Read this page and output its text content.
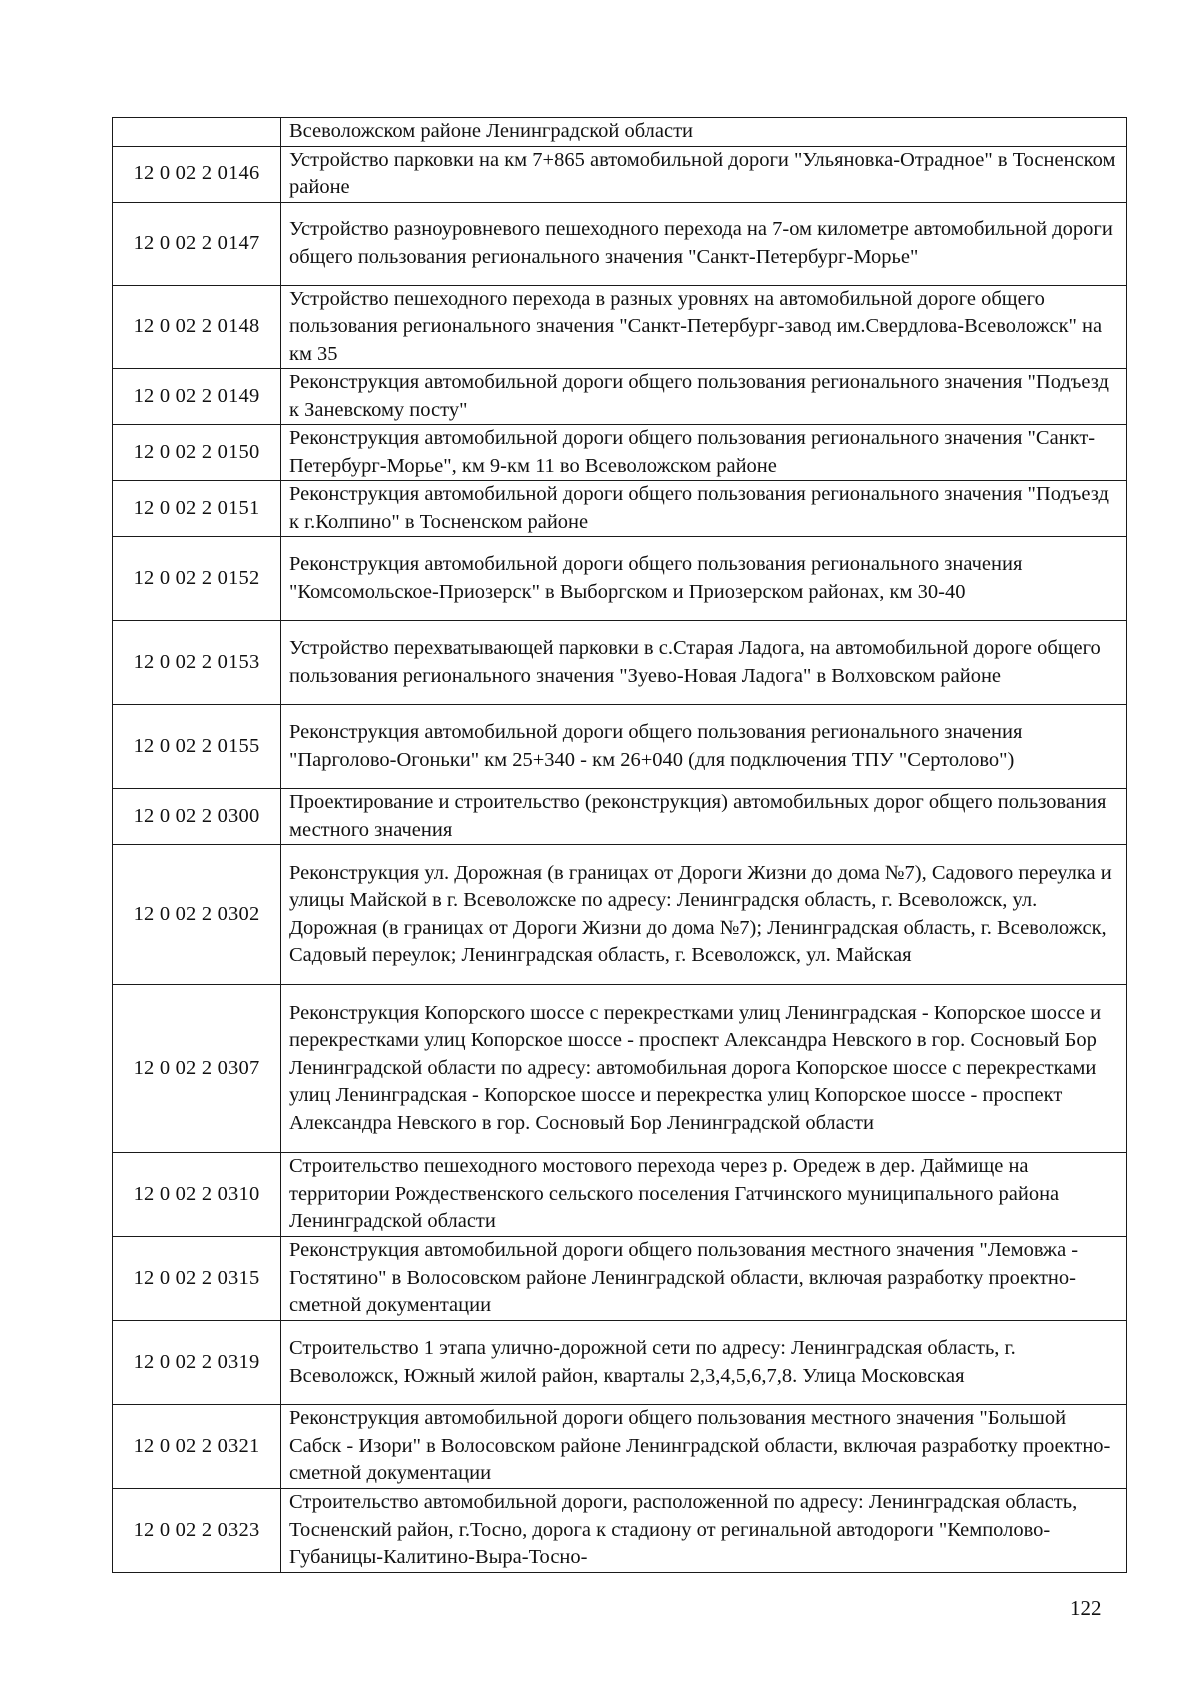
	Всеволожском районе Ленинградской области
12 0 02 2 0146	Устройство парковки на км 7+865 автомобильной дороги "Ульяновка-Отрадное" в Тосненском районе
12 0 02 2 0147	Устройство разноуровневого пешеходного перехода на 7-ом километре автомобильной дороги общего пользования регионального значения "Санкт-Петербург-Морье"
12 0 02 2 0148	Устройство пешеходного перехода в разных уровнях на автомобильной дороге общего пользования регионального значения "Санкт-Петербург-завод им.Свердлова-Всеволожск" на км 35
12 0 02 2 0149	Реконструкция автомобильной дороги общего пользования регионального значения "Подъезд к Заневскому посту"
12 0 02 2 0150	Реконструкция автомобильной дороги общего пользования регионального значения "Санкт-Петербург-Морье", км 9-км 11 во Всеволожском районе
12 0 02 2 0151	Реконструкция автомобильной дороги общего пользования регионального значения "Подъезд к г.Колпино" в Тосненском районе
12 0 02 2 0152	Реконструкция автомобильной дороги общего пользования регионального значения "Комсомольское-Приозерск" в Выборгском и Приозерском районах, км 30-40
12 0 02 2 0153	Устройство перехватывающей парковки в с.Старая Ладога, на автомобильной дороге общего пользования регионального значения "Зуево-Новая Ладога" в Волховском районе
12 0 02 2 0155	Реконструкция автомобильной дороги общего пользования регионального значения "Парголово-Огоньки" км 25+340 - км 26+040 (для подключения ТПУ "Сертолово")
12 0 02 2 0300	Проектирование и строительство (реконструкция) автомобильных дорог общего пользования местного значения
12 0 02 2 0302	Реконструкция ул. Дорожная (в границах от Дороги Жизни до дома №7), Садового переулка и улицы Майской в г. Всеволожске по адресу: Ленинградскя область, г. Всеволожск, ул. Дорожная (в границах от Дороги Жизни до дома №7); Ленинградская область, г. Всеволожск, Садовый переулок; Ленинградская область, г. Всеволожск, ул. Майская
12 0 02 2 0307	Реконструкция Копорского шоссе с перекрестками улиц Ленинградская - Копорское шоссе и перекрестками улиц Копорское шоссе - проспект Александра Невского в гор. Сосновый Бор Ленинградской области по адресу: автомобильная дорога Копорское шоссе с перекрестками улиц Ленинградская - Копорское шоссе и перекрестка улиц Копорское шоссе - проспект Александра Невского в гор. Сосновый Бор Ленинградской области
12 0 02 2 0310	Строительство пешеходного мостового перехода через р. Оредеж в дер. Даймище на территории Рождественского сельского поселения Гатчинского муниципального района Ленинградской области
12 0 02 2 0315	Реконструкция автомобильной дороги общего пользования местного значения "Лемовжа - Гостятино" в Волосовском районе Ленинградской области, включая разработку проектно-сметной документации
12 0 02 2 0319	Строительство 1 этапа улично-дорожной сети по адресу: Ленинградская область, г. Всеволожск, Южный жилой район, кварталы 2,3,4,5,6,7,8. Улица Московская
12 0 02 2 0321	Реконструкция автомобильной дороги общего пользования местного значения "Большой Сабск - Изори" в Волосовском районе Ленинградской области, включая разработку проектно-сметной документации
12 0 02 2 0323	Строительство автомобильной дороги, расположенной по адресу: Ленинградская область, Тосненский район, г.Тосно, дорога к стадиону от регинальной автодороги "Кемполово-Губаницы-Калитино-Выра-Тосно-
122
